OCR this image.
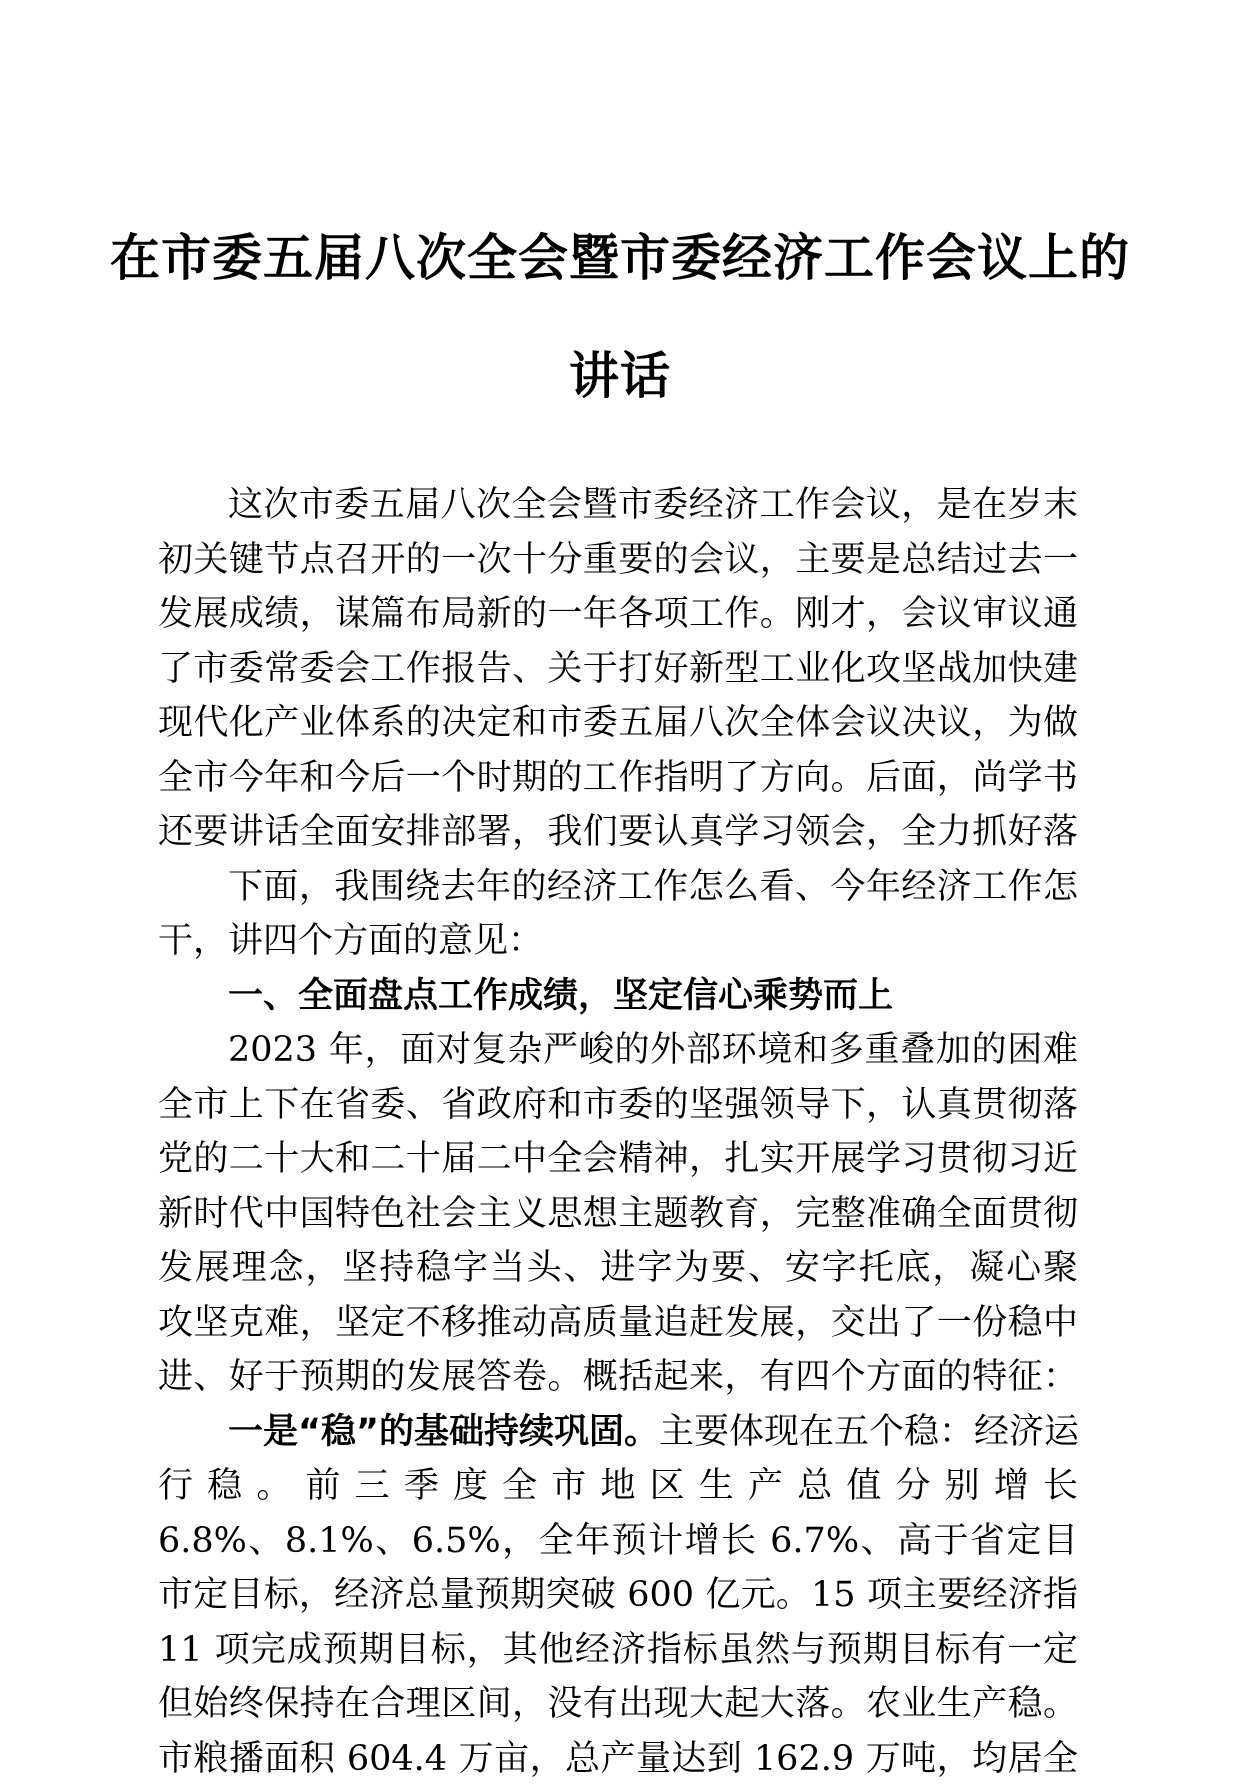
在市委五届八次全会暨市委经济工作会议上的
讲话
这次市委五届八次全会暨市委经济工作会议，是在岁末
初关键节点召开的一次十分重要的会议，主要是总结过去一
发展成绩，谋篇布局新的一年各项工作。刚才，会议审议通
了市委常委会工作报告、关于打好新型工业化攻坚战加快建
现代化产业体系的决定和市委五届八次全体会议决议，为做
全市今年和今后一个时期的工作指明了方向。后面，尚学书
还要讲话全面安排部署，我们要认真学习领会，全力抓好落
下面，我围绕去年的经济工作怎么看、今年经济工作怎
干，讲四个方面的意见：
一、全面盘点工作成绩，坚定信心乘势而上
2023 年，面对复杂严峻的外部环境和多重叠加的困难
全市上下在省委、省政府和市委的坚强领导下，认真贯彻落
党的二十大和二十届二中全会精神，扎实开展学习贯彻习近
新时代中国特色社会主义思想主题教育，完整准确全面贯彻
发展理念，坚持稳字当头、进字为要、安字托底，凝心聚
攻坚克难，坚定不移推动高质量追赶发展，交出了一份稳中
进、好于预期的发展答卷。概括起来，有四个方面的特征：
一是“稳”的基础持续巩固。主要体现在五个稳：经济运
行稳。前三季度全市地区生产总值分别增长
6.8%、8.1%、6.5%，全年预计增长 6.7%、高于省定目
市定目标，经济总量预期突破 600 亿元。15 项主要经济指
11 项完成预期目标，其他经济指标虽然与预期目标有一定
但始终保持在合理区间，没有出现大起大落。农业生产稳。
市粮播面积 604.4 万亩，总产量达到 162.9 万吨，均居全
